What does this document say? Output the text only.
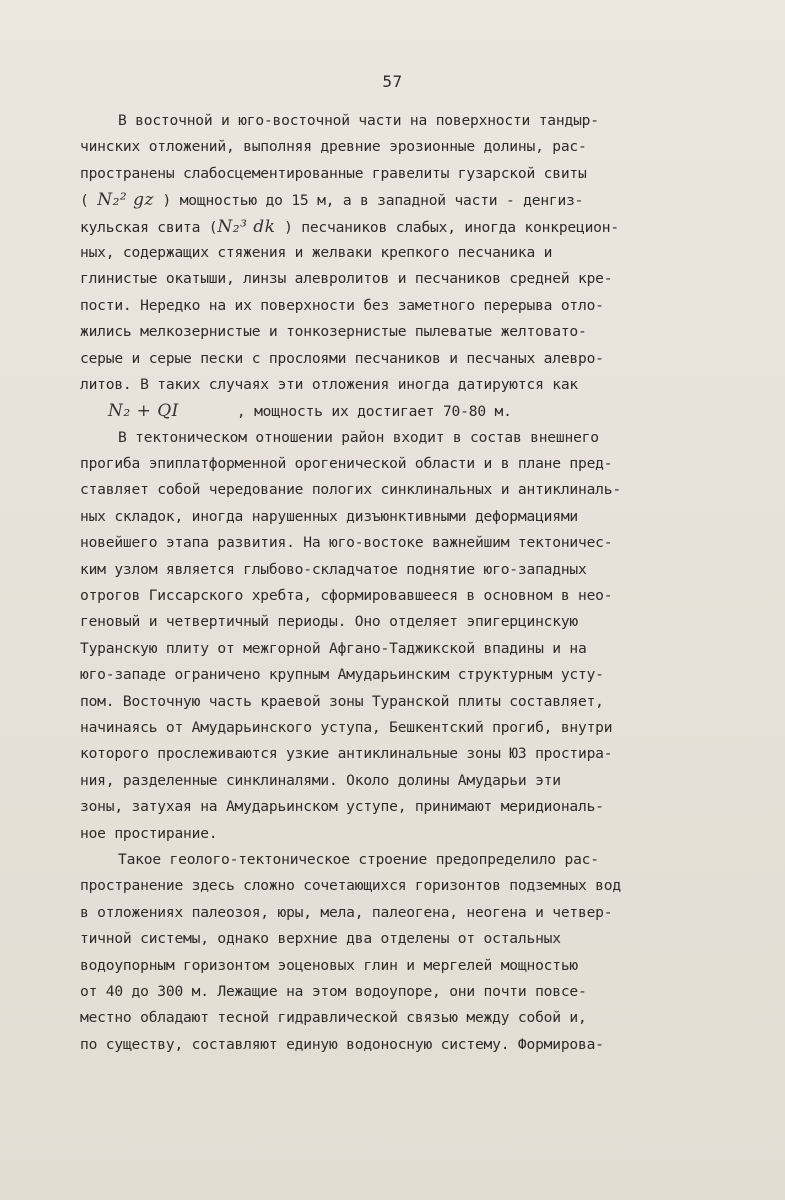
57
В восточной и юго-восточной части на поверхности тандыр-
чинских отложений, выполняя древние эрозионные долины, рас-
пространены слабосцементированные гравелиты гузарской свиты
( N₂² gz ) мощностью до 15 м, а в западной части - денгиз-
кульская свита (N₂³ dk ) песчаников слабых, иногда конкрецион-
ных, содержащих стяжения и желваки крепкого песчаника и
глинистые окатыши, линзы алевролитов и песчаников средней кре-
пости. Нередко на их поверхности без заметного перерыва отло-
жились мелкозернистые и тонкозернистые пылеватые желтовато-
серые и серые пески с прослоями песчаников и песчаных алевро-
литов. В таких случаях эти отложения иногда датируются как
N₂ + QI	, мощность их достигает 70-80 м.
В тектоническом отношении район входит в состав внешнего
прогиба эпиплатформенной орогенической области и в плане пред-
ставляет собой чередование пологих синклинальных и антиклиналь-
ных складок, иногда нарушенных дизъюнктивными деформациями
новейшего этапа развития. На юго-востоке важнейшим тектоничес-
ким узлом является глыбово-складчатое поднятие юго-западных
отрогов Гиссарского хребта, сформировавшееся в основном в нео-
геновый и четвертичный периоды. Оно отделяет эпигерцинскую
Туранскую плиту от межгорной Афгано-Таджикской впадины и на
юго-западе ограничено крупным Амударьинским структурным усту-
пом. Восточную часть краевой зоны Туранской плиты составляет,
начинаясь от Амударьинского уступа, Бешкентский прогиб, внутри
которого прослеживаются узкие антиклинальные зоны ЮЗ простира-
ния, разделенные синклиналями. Около долины Амударьи эти
зоны, затухая на Амударьинском уступе, принимают меридиональ-
ное простирание.
Такое геолого-тектоническое строение предопределило рас-
пространение здесь сложно сочетающихся горизонтов подземных вод
в отложениях палеозоя, юры, мела, палеогена, неогена и четвер-
тичной системы, однако верхние два отделены от остальных
водоупорным горизонтом эоценовых глин и мергелей мощностью
от 40 до 300 м. Лежащие на этом водоупоре, они почти повсе-
местно обладают тесной гидравлической связью между собой и,
по существу, составляют единую водоносную систему. Формирова-
